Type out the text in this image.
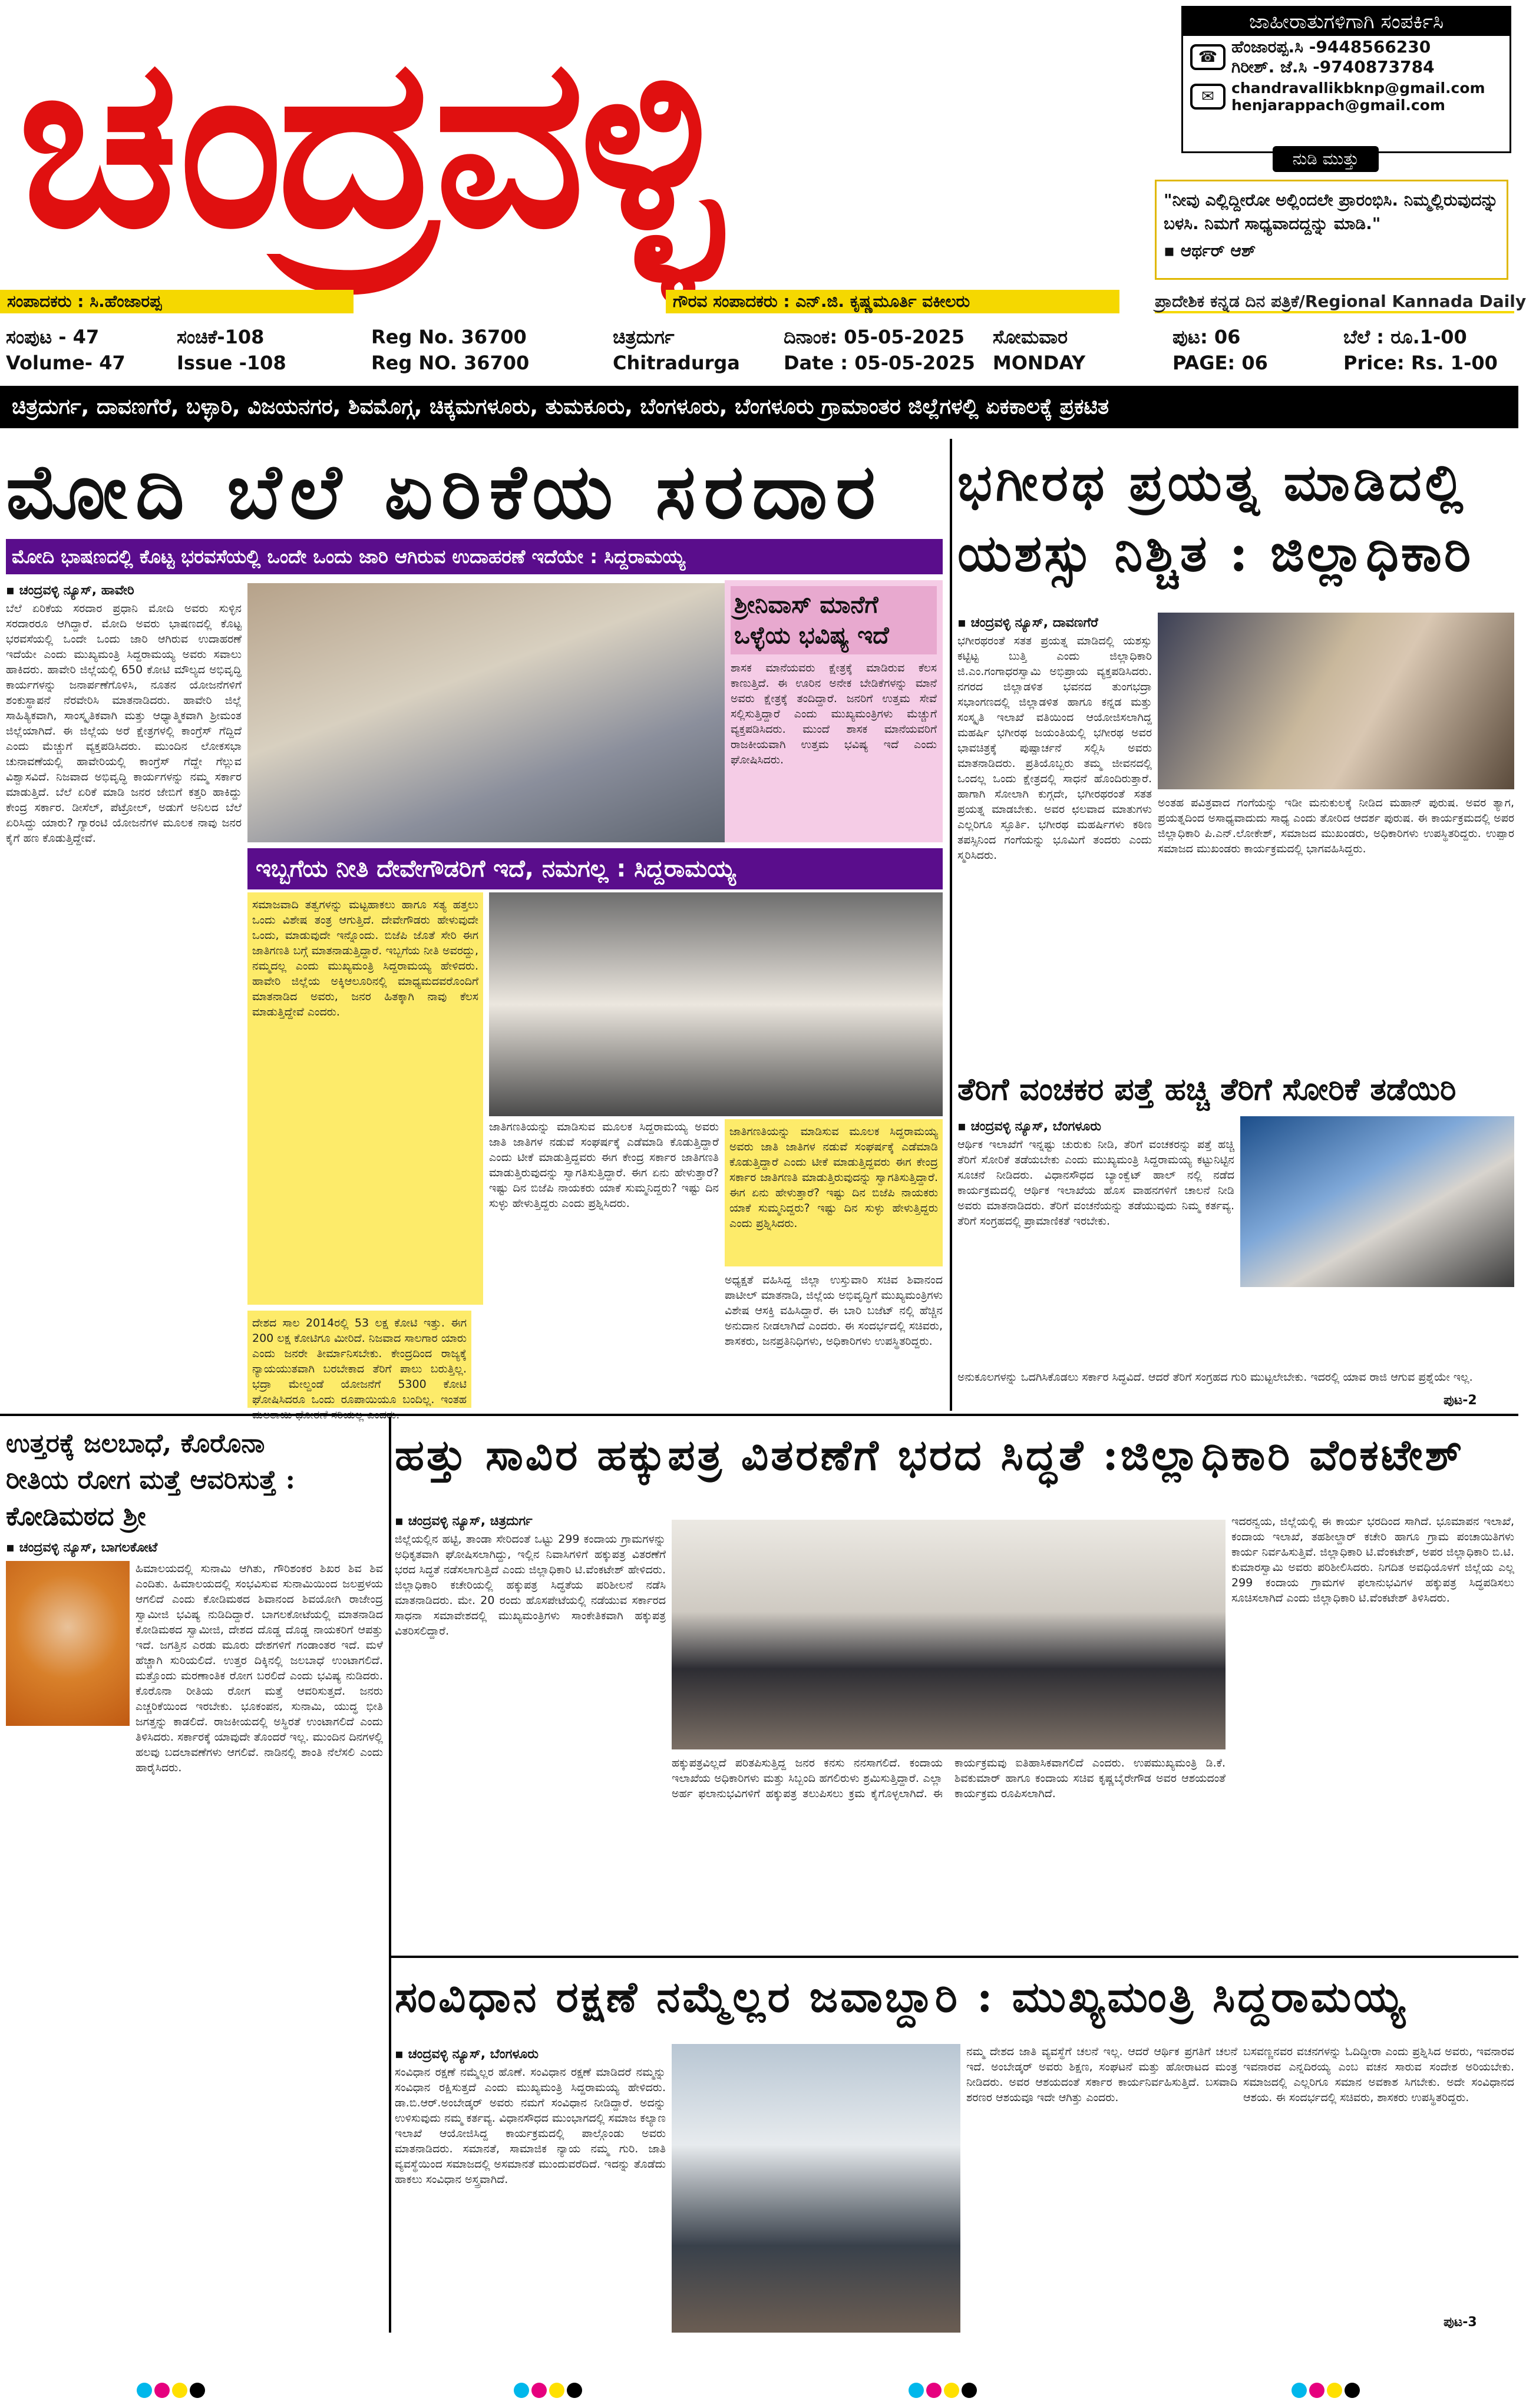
ಚಂದ್ರವಳ್ಳಿ	ಜಾಹೀರಾತುಗಳಿಗಾಗಿ ಸಂಪರ್ಕಿಸಿ
☎
ಹೆಂಜಾರಪ್ಪ.ಸಿ -9448566230
ಗಿರೀಶ್. ಜೆ.ಸಿ -9740873784
✉	chandravallikbknp@gmail.com
henjarappach@gmail.com
ನುಡಿ ಮುತ್ತು
"ನೀವು ಎಲ್ಲಿದ್ದೀರೋ ಅಲ್ಲಿಂದಲೇ ಪ್ರಾರಂಭಿಸಿ. ನಿಮ್ಮಲ್ಲಿರುವುದನ್ನು ಬಳಸಿ. ನಿಮಗೆ ಸಾಧ್ಯವಾದದ್ದನ್ನು ಮಾಡಿ."
▪ ಆರ್ಥರ್ ಆಶ್
ಸಂಪಾದಕರು : ಸಿ.ಹೆಂಜಾರಪ್ಪ	ಗೌರವ ಸಂಪಾದಕರು : ಎನ್.ಜಿ. ಕೃಷ್ಣಮೂರ್ತಿ ವಕೀಲರು	ಪ್ರಾದೇಶಿಕ ಕನ್ನಡ ದಿನ ಪತ್ರಿಕೆ/Regional Kannada Daily
ಸಂಪುಟ - 47
Volume- 47
ಸಂಚಿಕೆ-108
Issue -108
Reg No. 36700
Reg NO. 36700
ಚಿತ್ರದುರ್ಗ
Chitradurga
ದಿನಾಂಕ: 05-05-2025
Date : 05-05-2025
ಸೋಮವಾರ
MONDAY
ಪುಟ: 06
PAGE: 06
ಬೆಲೆ : ರೂ.1-00
Price: Rs. 1-00
ಚಿತ್ರದುರ್ಗ, ದಾವಣಗೆರೆ, ಬಳ್ಳಾರಿ, ವಿಜಯನಗರ, ಶಿವಮೊಗ್ಗ, ಚಿಕ್ಕಮಗಳೂರು, ತುಮಕೂರು, ಬೆಂಗಳೂರು, ಬೆಂಗಳೂರು ಗ್ರಾಮಾಂತರ ಜಿಲ್ಲೆಗಳಲ್ಲಿ ಏಕಕಾಲಕ್ಕೆ ಪ್ರಕಟಿತ
ಮೋದಿ ಬೆಲೆ ಏರಿಕೆಯ ಸರದಾರ
ಮೋದಿ ಭಾಷಣದಲ್ಲಿ ಕೊಟ್ಟ ಭರವಸೆಯಲ್ಲಿ ಒಂದೇ ಒಂದು ಜಾರಿ ಆಗಿರುವ ಉದಾಹರಣೆ ಇದೆಯೇ : ಸಿದ್ದರಾಮಯ್ಯ
▪ ಚಂದ್ರವಳ್ಳಿ ನ್ಯೂಸ್, ಹಾವೇರಿ
ಬೆಲೆ ಏರಿಕೆಯ ಸರದಾರ ಪ್ರಧಾನಿ ಮೋದಿ ಅವರು ಸುಳ್ಳಿನ ಸರದಾರರೂ ಆಗಿದ್ದಾರೆ. ಮೋದಿ ಅವರು ಭಾಷಣದಲ್ಲಿ ಕೊಟ್ಟ ಭರವಸೆಯಲ್ಲಿ ಒಂದೇ ಒಂದು ಜಾರಿ ಆಗಿರುವ ಉದಾಹರಣೆ ಇದೆಯೇ ಎಂದು ಮುಖ್ಯಮಂತ್ರಿ ಸಿದ್ದರಾಮಯ್ಯ ಅವರು ಸವಾಲು ಹಾಕಿದರು. ಹಾವೇರಿ ಜಿಲ್ಲೆಯಲ್ಲಿ 650 ಕೋಟಿ ಮೌಲ್ಯದ ಅಭಿವೃದ್ಧಿ ಕಾರ್ಯಗಳನ್ನು ಜನಾರ್ಪಣೆಗೊಳಿಸಿ, ನೂತನ ಯೋಜನೆಗಳಿಗೆ ಶಂಕುಸ್ಥಾಪನೆ ನೆರವೇರಿಸಿ ಮಾತನಾಡಿದರು. ಹಾವೇರಿ ಜಿಲ್ಲೆ ಸಾಹಿತ್ಯಿಕವಾಗಿ, ಸಾಂಸ್ಕೃತಿಕವಾಗಿ ಮತ್ತು ಆಧ್ಯಾತ್ಮಿಕವಾಗಿ ಶ್ರೀಮಂತ ಜಿಲ್ಲೆಯಾಗಿದೆ. ಈ ಜಿಲ್ಲೆಯ ಅರೆ ಕ್ಷೇತ್ರಗಳಲ್ಲಿ ಕಾಂಗ್ರೆಸ್ ಗೆದ್ದಿದೆ ಎಂದು ಮೆಚ್ಚುಗೆ ವ್ಯಕ್ತಪಡಿಸಿದರು. ಮುಂದಿನ ಲೋಕಸಭಾ ಚುನಾವಣೆಯಲ್ಲಿ ಹಾವೇರಿಯಲ್ಲಿ ಕಾಂಗ್ರೆಸ್ ಗೆದ್ದೇ ಗೆಲ್ಲುವ ವಿಶ್ವಾಸವಿದೆ. ನಿಜವಾದ ಅಭಿವೃದ್ಧಿ ಕಾರ್ಯಗಳನ್ನು ನಮ್ಮ ಸರ್ಕಾರ ಮಾಡುತ್ತಿದೆ. ಬೆಲೆ ಏರಿಕೆ ಮಾಡಿ ಜನರ ಜೇಬಿಗೆ ಕತ್ತರಿ ಹಾಕಿದ್ದು ಕೇಂದ್ರ ಸರ್ಕಾರ. ಡೀಸೆಲ್, ಪೆಟ್ರೋಲ್, ಅಡುಗೆ ಅನಿಲದ ಬೆಲೆ ಏರಿಸಿದ್ದು ಯಾರು? ಗ್ಯಾರಂಟಿ ಯೋಜನೆಗಳ ಮೂಲಕ ನಾವು ಜನರ ಕೈಗೆ ಹಣ ಕೊಡುತ್ತಿದ್ದೇವೆ.
ಶ್ರೀನಿವಾಸ್ ಮಾನೆಗೆ ಒಳ್ಳೆಯ ಭವಿಷ್ಯ ಇದೆ
ಶಾಸಕ ಮಾನೆಯವರು ಕ್ಷೇತ್ರಕ್ಕೆ ಮಾಡಿರುವ ಕೆಲಸ ಕಾಣುತ್ತಿದೆ. ಈ ಊರಿನ ಅನೇಕ ಬೇಡಿಕೆಗಳನ್ನು ಮಾನೆ ಅವರು ಕ್ಷೇತ್ರಕ್ಕೆ ತಂದಿದ್ದಾರೆ. ಜನರಿಗೆ ಉತ್ತಮ ಸೇವೆ ಸಲ್ಲಿಸುತ್ತಿದ್ದಾರೆ ಎಂದು ಮುಖ್ಯಮಂತ್ರಿಗಳು ಮೆಚ್ಚುಗೆ ವ್ಯಕ್ತಪಡಿಸಿದರು. ಮುಂದೆ ಶಾಸಕ ಮಾನೆಯವರಿಗೆ ರಾಜಕೀಯವಾಗಿ ಉತ್ತಮ ಭವಿಷ್ಯ ಇದೆ ಎಂದು ಘೋಷಿಸಿದರು.
ಇಬ್ಬಗೆಯ ನೀತಿ ದೇವೇಗೌಡರಿಗೆ ಇದೆ, ನಮಗಲ್ಲ : ಸಿದ್ದರಾಮಯ್ಯ
ಸಮಾಜವಾದಿ ತತ್ವಗಳನ್ನು ಮಟ್ಟಹಾಕಲು ಹಾಗೂ ಸತ್ಯ ಹತ್ತಲು ಒಂದು ವಿಶೇಷ ತಂತ್ರ ಆಗುತ್ತಿದೆ. ದೇವೇಗೌಡರು ಹೇಳುವುದೇ ಒಂದು, ಮಾಡುವುದೇ ಇನ್ನೊಂದು. ಬಿಜೆಪಿ ಜೊತೆ ಸೇರಿ ಈಗ ಜಾತಿಗಣತಿ ಬಗ್ಗೆ ಮಾತನಾಡುತ್ತಿದ್ದಾರೆ. ಇಬ್ಬಗೆಯ ನೀತಿ ಅವರದ್ದು, ನಮ್ಮದಲ್ಲ ಎಂದು ಮುಖ್ಯಮಂತ್ರಿ ಸಿದ್ದರಾಮಯ್ಯ ಹೇಳಿದರು. ಹಾವೇರಿ ಜಿಲ್ಲೆಯ ಅಕ್ಕಿಆಲೂರಿನಲ್ಲಿ ಮಾಧ್ಯಮದವರೊಂದಿಗೆ ಮಾತನಾಡಿದ ಅವರು, ಜನರ ಹಿತಕ್ಕಾಗಿ ನಾವು ಕೆಲಸ ಮಾಡುತ್ತಿದ್ದೇವೆ ಎಂದರು.
ದೇಶದ ಸಾಲ 2014ರಲ್ಲಿ 53 ಲಕ್ಷ ಕೋಟಿ ಇತ್ತು. ಈಗ 200 ಲಕ್ಷ ಕೋಟಿಗೂ ಮೀರಿದೆ. ನಿಜವಾದ ಸಾಲಗಾರ ಯಾರು ಎಂದು ಜನರೇ ತೀರ್ಮಾನಿಸಬೇಕು. ಕೇಂದ್ರದಿಂದ ರಾಜ್ಯಕ್ಕೆ ನ್ಯಾಯಯುತವಾಗಿ ಬರಬೇಕಾದ ತೆರಿಗೆ ಪಾಲು ಬರುತ್ತಿಲ್ಲ. ಭದ್ರಾ ಮೇಲ್ದಂಡೆ ಯೋಜನೆಗೆ 5300 ಕೋಟಿ ಘೋಷಿಸಿದರೂ ಒಂದು ರೂಪಾಯಿಯೂ ಬಂದಿಲ್ಲ. ಇಂತಹ
ಜಾತಿಗಣತಿಯನ್ನು ಮಾಡಿಸುವ ಮೂಲಕ ಸಿದ್ದರಾಮಯ್ಯ ಅವರು ಜಾತಿ ಜಾತಿಗಳ ನಡುವೆ ಸಂಘರ್ಷಕ್ಕೆ ಎಡೆಮಾಡಿ ಕೊಡುತ್ತಿದ್ದಾರೆ ಎಂದು ಟೀಕೆ ಮಾಡುತ್ತಿದ್ದವರು ಈಗ ಕೇಂದ್ರ ಸರ್ಕಾರ ಜಾತಿಗಣತಿ ಮಾಡುತ್ತಿರುವುದನ್ನು ಸ್ವಾಗತಿಸುತ್ತಿದ್ದಾರೆ. ಈಗ ಏನು ಹೇಳುತ್ತಾರೆ? ಇಷ್ಟು ದಿನ ಬಿಜೆಪಿ ನಾಯಕರು ಯಾಕೆ ಸುಮ್ಮನಿದ್ದರು? ಇಷ್ಟು ದಿನ ಸುಳ್ಳು ಹೇಳುತ್ತಿದ್ದರು ಎಂದು ಪ್ರಶ್ನಿಸಿದರು.
ಜಾತಿಗಣತಿಯನ್ನು ಮಾಡಿಸುವ ಮೂಲಕ ಸಿದ್ದರಾಮಯ್ಯ ಅವರು ಜಾತಿ ಜಾತಿಗಳ ನಡುವೆ ಸಂಘರ್ಷಕ್ಕೆ ಎಡೆಮಾಡಿ ಕೊಡುತ್ತಿದ್ದಾರೆ ಎಂದು ಟೀಕೆ ಮಾಡುತ್ತಿದ್ದವರು ಈಗ ಕೇಂದ್ರ ಸರ್ಕಾರ ಜಾತಿಗಣತಿ ಮಾಡುತ್ತಿರುವುದನ್ನು ಸ್ವಾಗತಿಸುತ್ತಿದ್ದಾರೆ. ಈಗ ಏನು ಹೇಳುತ್ತಾರೆ? ಇಷ್ಟು ದಿನ ಬಿಜೆಪಿ ನಾಯಕರು ಯಾಕೆ ಸುಮ್ಮನಿದ್ದರು? ಇಷ್ಟು ದಿನ ಸುಳ್ಳು ಹೇಳುತ್ತಿದ್ದರು ಎಂದು ಪ್ರಶ್ನಿಸಿದರು.
ಅಧ್ಯಕ್ಷತೆ ವಹಿಸಿದ್ದ ಜಿಲ್ಲಾ ಉಸ್ತುವಾರಿ ಸಚಿವ ಶಿವಾನಂದ ಪಾಟೀಲ್ ಮಾತನಾಡಿ, ಜಿಲ್ಲೆಯ ಅಭಿವೃದ್ಧಿಗೆ ಮುಖ್ಯಮಂತ್ರಿಗಳು ವಿಶೇಷ ಆಸಕ್ತಿ ವಹಿಸಿದ್ದಾರೆ. ಈ ಬಾರಿ ಬಜೆಟ್ ನಲ್ಲಿ ಹೆಚ್ಚಿನ ಅನುದಾನ ನೀಡಲಾಗಿದೆ ಎಂದರು. ಈ ಸಂದರ್ಭದಲ್ಲಿ ಸಚಿವರು, ಶಾಸಕರು, ಜನಪ್ರತಿನಿಧಿಗಳು, ಅಧಿಕಾರಿಗಳು ಉಪಸ್ಥಿತರಿದ್ದರು.
ಭಗೀರಥ ಪ್ರಯತ್ನ ಮಾಡಿದಲ್ಲಿ
ಯಶಸ್ಸು ನಿಶ್ಚಿತ : ಜಿಲ್ಲಾಧಿಕಾರಿ
▪ ಚಂದ್ರವಳ್ಳಿ ನ್ಯೂಸ್, ದಾವಣಗೆರೆ
ಭಗೀರಥರಂತೆ ಸತತ ಪ್ರಯತ್ನ ಮಾಡಿದಲ್ಲಿ ಯಶಸ್ಸು ಕಟ್ಟಿಟ್ಟ ಬುತ್ತಿ ಎಂದು ಜಿಲ್ಲಾಧಿಕಾರಿ ಜಿ.ಎಂ.ಗಂಗಾಧರಸ್ವಾಮಿ ಅಭಿಪ್ರಾಯ ವ್ಯಕ್ತಪಡಿಸಿದರು. ನಗರದ ಜಿಲ್ಲಾಡಳಿತ ಭವನದ ತುಂಗಭದ್ರಾ ಸಭಾಂಗಣದಲ್ಲಿ ಜಿಲ್ಲಾಡಳಿತ ಹಾಗೂ ಕನ್ನಡ ಮತ್ತು ಸಂಸ್ಕೃತಿ ಇಲಾಖೆ ವತಿಯಿಂದ ಆಯೋಜಿಸಲಾಗಿದ್ದ ಮಹರ್ಷಿ ಭಗೀರಥ ಜಯಂತಿಯಲ್ಲಿ ಭಗೀರಥ ಅವರ ಭಾವಚಿತ್ರಕ್ಕೆ ಪುಷ್ಪಾರ್ಚನೆ ಸಲ್ಲಿಸಿ ಅವರು ಮಾತನಾಡಿದರು. ಪ್ರತಿಯೊಬ್ಬರು ತಮ್ಮ ಜೀವನದಲ್ಲಿ ಒಂದಲ್ಲ ಒಂದು ಕ್ಷೇತ್ರದಲ್ಲಿ ಸಾಧನೆ ಹೊಂದಿರುತ್ತಾರೆ. ಹಾಗಾಗಿ ಸೋಲಾಗಿ ಕುಗ್ಗದೇ, ಭಗೀರಥರಂತೆ ಸತತ ಪ್ರಯತ್ನ ಮಾಡಬೇಕು. ಅವರ ಛಲವಾದ ಮಾತುಗಳು ಎಲ್ಲರಿಗೂ ಸ್ಫೂರ್ತಿ. ಭಗೀರಥ ಮಹರ್ಷಿಗಳು ಕಠಿಣ ತಪಸ್ಸಿನಿಂದ ಗಂಗೆಯನ್ನು ಭೂಮಿಗೆ ತಂದರು ಎಂದು ಸ್ಮರಿಸಿದರು.
ಅಂತಹ ಪವಿತ್ರವಾದ ಗಂಗೆಯನ್ನು ಇಡೀ ಮನುಕುಲಕ್ಕೆ ನೀಡಿದ ಮಹಾನ್ ಪುರುಷ. ಅವರ ತ್ಯಾಗ, ಪ್ರಯತ್ನದಿಂದ ಅಸಾಧ್ಯವಾದುದು ಸಾಧ್ಯ ಎಂದು ತೋರಿದ ಆದರ್ಶ ಪುರುಷ. ಈ ಕಾರ್ಯಕ್ರಮದಲ್ಲಿ ಅಪರ ಜಿಲ್ಲಾಧಿಕಾರಿ ಪಿ.ಎನ್.ಲೋಕೇಶ್, ಸಮಾಜದ ಮುಖಂಡರು, ಅಧಿಕಾರಿಗಳು ಉಪಸ್ಥಿತರಿದ್ದರು. ಉಪ್ಪಾರ ಸಮಾಜದ ಮುಖಂಡರು ಕಾರ್ಯಕ್ರಮದಲ್ಲಿ ಭಾಗವಹಿಸಿದ್ದರು.
ತೆರಿಗೆ ವಂಚಕರ ಪತ್ತೆ ಹಚ್ಚಿ ತೆರಿಗೆ ಸೋರಿಕೆ ತಡೆಯಿರಿ
▪ ಚಂದ್ರವಳ್ಳಿ ನ್ಯೂಸ್, ಬೆಂಗಳೂರು
ಆರ್ಥಿಕ ಇಲಾಖೆಗೆ ಇನ್ನಷ್ಟು ಚುರುಕು ನೀಡಿ, ತೆರಿಗೆ ವಂಚಕರನ್ನು ಪತ್ತೆ ಹಚ್ಚಿ ತೆರಿಗೆ ಸೋರಿಕೆ ತಡೆಯಬೇಕು ಎಂದು ಮುಖ್ಯಮಂತ್ರಿ ಸಿದ್ದರಾಮಯ್ಯ ಕಟ್ಟುನಿಟ್ಟಿನ ಸೂಚನೆ ನೀಡಿದರು. ವಿಧಾನಸೌಧದ ಬ್ಯಾಂಕ್ವೆಟ್ ಹಾಲ್ ನಲ್ಲಿ ನಡೆದ ಕಾರ್ಯಕ್ರಮದಲ್ಲಿ ಆರ್ಥಿಕ ಇಲಾಖೆಯ ಹೊಸ ವಾಹನಗಳಿಗೆ ಚಾಲನೆ ನೀಡಿ ಅವರು ಮಾತನಾಡಿದರು. ತೆರಿಗೆ ವಂಚನೆಯನ್ನು ತಡೆಯುವುದು ನಿಮ್ಮ ಕರ್ತವ್ಯ. ತೆರಿಗೆ ಸಂಗ್ರಹದಲ್ಲಿ ಪ್ರಾಮಾಣಿಕತೆ ಇರಬೇಕು.
ಅನುಕೂಲಗಳನ್ನು ಒದಗಿಸಿಕೊಡಲು ಸರ್ಕಾರ ಸಿದ್ಧವಿದೆ. ಆದರೆ ತೆರಿಗೆ ಸಂಗ್ರಹದ ಗುರಿ ಮುಟ್ಟಲೇಬೇಕು. ಇದರಲ್ಲಿ ಯಾವ ರಾಜಿ ಆಗುವ ಪ್ರಶ್ನೆಯೇ ಇಲ್ಲ.
ಪುಟ-2
ಉತ್ತರಕ್ಕೆ ಜಲಬಾಧೆ, ಕೊರೊನಾ
ರೀತಿಯ ರೋಗ ಮತ್ತೆ ಆವರಿಸುತ್ತೆ :
ಕೋಡಿಮಠದ ಶ್ರೀ
▪ ಚಂದ್ರವಳ್ಳಿ ನ್ಯೂಸ್, ಬಾಗಲಕೋಟೆ
ಹಿಮಾಲಯದಲ್ಲಿ ಸುನಾಮಿ ಆಗಿತು, ಗೌರಿಶಂಕರ ಶಿಖರ ಶಿವ ಶಿವ ಎಂದಿತು. ಹಿಮಾಲಯದಲ್ಲಿ ಸಂಭವಿಸುವ ಸುನಾಮಿಯಿಂದ ಜಲಪ್ರಳಯ ಆಗಲಿದೆ ಎಂದು ಕೋಡಿಮಠದ ಶಿವಾನಂದ ಶಿವಯೋಗಿ ರಾಜೇಂದ್ರ ಸ್ವಾಮೀಜಿ ಭವಿಷ್ಯ ನುಡಿದಿದ್ದಾರೆ. ಬಾಗಲಕೋಟೆಯಲ್ಲಿ ಮಾತನಾಡಿದ ಕೋಡಿಮಠದ ಸ್ವಾಮೀಜಿ, ದೇಶದ ದೊಡ್ಡ ದೊಡ್ಡ ನಾಯಕರಿಗೆ ಆಪತ್ತು ಇದೆ. ಜಗತ್ತಿನ ಎರಡು ಮೂರು ದೇಶಗಳಿಗೆ ಗಂಡಾಂತರ ಇದೆ. ಮಳೆ ಹೆಚ್ಚಾಗಿ ಸುರಿಯಲಿದೆ. ಉತ್ತರ ದಿಕ್ಕಿನಲ್ಲಿ ಜಲಬಾಧೆ ಉಂಟಾಗಲಿದೆ. ಮತ್ತೊಂದು ಮರಣಾಂತಿಕ ರೋಗ ಬರಲಿದೆ ಎಂದು ಭವಿಷ್ಯ ನುಡಿದರು. ಕೊರೊನಾ ರೀತಿಯ ರೋಗ ಮತ್ತೆ ಆವರಿಸುತ್ತದೆ. ಜನರು ಎಚ್ಚರಿಕೆಯಿಂದ ಇರಬೇಕು. ಭೂಕಂಪನ, ಸುನಾಮಿ, ಯುದ್ಧ ಭೀತಿ ಜಗತ್ತನ್ನು ಕಾಡಲಿದೆ. ರಾಜಕೀಯದಲ್ಲಿ ಅಸ್ಥಿರತೆ ಉಂಟಾಗಲಿದೆ ಎಂದು ತಿಳಿಸಿದರು. ಸರ್ಕಾರಕ್ಕೆ ಯಾವುದೇ ತೊಂದರೆ ಇಲ್ಲ. ಮುಂದಿನ ದಿನಗಳಲ್ಲಿ ಹಲವು ಬದಲಾವಣೆಗಳು ಆಗಲಿವೆ. ನಾಡಿನಲ್ಲಿ ಶಾಂತಿ ನೆಲೆಸಲಿ ಎಂದು ಹಾರೈಸಿದರು.
ಹತ್ತು ಸಾವಿರ ಹಕ್ಕುಪತ್ರ ವಿತರಣೆಗೆ ಭರದ ಸಿದ್ಧತೆ :ಜಿಲ್ಲಾಧಿಕಾರಿ ವೆಂಕಟೇಶ್
▪ ಚಂದ್ರವಳ್ಳಿ ನ್ಯೂಸ್, ಚಿತ್ರದುರ್ಗ
ಜಿಲ್ಲೆಯಲ್ಲಿನ ಹಟ್ಟಿ, ತಾಂಡಾ ಸೇರಿದಂತೆ ಒಟ್ಟು 299 ಕಂದಾಯ ಗ್ರಾಮಗಳನ್ನು ಅಧಿಕೃತವಾಗಿ ಘೋಷಿಸಲಾಗಿದ್ದು, ಇಲ್ಲಿನ ನಿವಾಸಿಗಳಿಗೆ ಹಕ್ಕುಪತ್ರ ವಿತರಣೆಗೆ ಭರದ ಸಿದ್ಧತೆ ನಡೆಸಲಾಗುತ್ತಿದೆ ಎಂದು ಜಿಲ್ಲಾಧಿಕಾರಿ ಟಿ.ವೆಂಕಟೇಶ್ ಹೇಳಿದರು. ಜಿಲ್ಲಾಧಿಕಾರಿ ಕಚೇರಿಯಲ್ಲಿ ಹಕ್ಕುಪತ್ರ ಸಿದ್ಧತೆಯ ಪರಿಶೀಲನೆ ನಡೆಸಿ ಮಾತನಾಡಿದರು. ಮೇ. 20 ರಂದು ಹೊಸಪೇಟೆಯಲ್ಲಿ ನಡೆಯುವ ಸರ್ಕಾರದ ಸಾಧನಾ ಸಮಾವೇಶದಲ್ಲಿ ಮುಖ್ಯಮಂತ್ರಿಗಳು ಸಾಂಕೇತಿಕವಾಗಿ ಹಕ್ಕುಪತ್ರ ವಿತರಿಸಲಿದ್ದಾರೆ.
ಹಕ್ಕುಪತ್ರವಿಲ್ಲದೆ ಪರಿತಪಿಸುತ್ತಿದ್ದ ಜನರ ಕನಸು ನನಸಾಗಲಿದೆ. ಕಂದಾಯ ಇಲಾಖೆಯ ಅಧಿಕಾರಿಗಳು ಮತ್ತು ಸಿಬ್ಬಂದಿ ಹಗಲಿರುಳು ಶ್ರಮಿಸುತ್ತಿದ್ದಾರೆ. ಎಲ್ಲಾ ಅರ್ಹ ಫಲಾನುಭವಿಗಳಿಗೆ ಹಕ್ಕುಪತ್ರ ತಲುಪಿಸಲು ಕ್ರಮ ಕೈಗೊಳ್ಳಲಾಗಿದೆ. ಈ ಕಾರ್ಯಕ್ರಮವು ಐತಿಹಾಸಿಕವಾಗಲಿದೆ ಎಂದರು. ಉಪಮುಖ್ಯಮಂತ್ರಿ ಡಿ.ಕೆ. ಶಿವಕುಮಾರ್ ಹಾಗೂ ಕಂದಾಯ ಸಚಿವ ಕೃಷ್ಣಬೈರೇಗೌಡ ಅವರ ಆಶಯದಂತೆ ಕಾರ್ಯಕ್ರಮ ರೂಪಿಸಲಾಗಿದೆ.
ಇದರನ್ವಯ, ಜಿಲ್ಲೆಯಲ್ಲಿ ಈ ಕಾರ್ಯ ಭರದಿಂದ ಸಾಗಿದೆ. ಭೂಮಾಪನ ಇಲಾಖೆ, ಕಂದಾಯ ಇಲಾಖೆ, ತಹಶೀಲ್ದಾರ್ ಕಚೇರಿ ಹಾಗೂ ಗ್ರಾಮ ಪಂಚಾಯಿತಿಗಳು ಕಾರ್ಯ ನಿರ್ವಹಿಸುತ್ತಿವೆ. ಜಿಲ್ಲಾಧಿಕಾರಿ ಟಿ.ವೆಂಕಟೇಶ್, ಅಪರ ಜಿಲ್ಲಾಧಿಕಾರಿ ಬಿ.ಟಿ. ಕುಮಾರಸ್ವಾಮಿ ಅವರು ಪರಿಶೀಲಿಸಿದರು. ನಿಗದಿತ ಅವಧಿಯೊಳಗೆ ಜಿಲ್ಲೆಯ ಎಲ್ಲ 299 ಕಂದಾಯ ಗ್ರಾಮಗಳ ಫಲಾನುಭವಿಗಳ ಹಕ್ಕುಪತ್ರ ಸಿದ್ಧಪಡಿಸಲು ಸೂಚಿಸಲಾಗಿದೆ ಎಂದು ಜಿಲ್ಲಾಧಿಕಾರಿ ಟಿ.ವೆಂಕಟೇಶ್ ತಿಳಿಸಿದರು.
ಸಂವಿಧಾನ ರಕ್ಷಣೆ ನಮ್ಮೆಲ್ಲರ ಜವಾಬ್ದಾರಿ : ಮುಖ್ಯಮಂತ್ರಿ ಸಿದ್ದರಾಮಯ್ಯ
▪ ಚಂದ್ರವಳ್ಳಿ ನ್ಯೂಸ್, ಬೆಂಗಳೂರು
ಸಂವಿಧಾನ ರಕ್ಷಣೆ ನಮ್ಮೆಲ್ಲರ ಹೊಣೆ. ಸಂವಿಧಾನ ರಕ್ಷಣೆ ಮಾಡಿದರೆ ನಮ್ಮನ್ನು ಸಂವಿಧಾನ ರಕ್ಷಿಸುತ್ತದೆ ಎಂದು ಮುಖ್ಯಮಂತ್ರಿ ಸಿದ್ದರಾಮಯ್ಯ ಹೇಳಿದರು. ಡಾ.ಬಿ.ಆರ್.ಅಂಬೇಡ್ಕರ್ ಅವರು ನಮಗೆ ಸಂವಿಧಾನ ನೀಡಿದ್ದಾರೆ. ಅದನ್ನು ಉಳಿಸುವುದು ನಮ್ಮ ಕರ್ತವ್ಯ. ವಿಧಾನಸೌಧದ ಮುಂಭಾಗದಲ್ಲಿ ಸಮಾಜ ಕಲ್ಯಾಣ ಇಲಾಖೆ ಆಯೋಜಿಸಿದ್ದ ಕಾರ್ಯಕ್ರಮದಲ್ಲಿ ಪಾಲ್ಗೊಂಡು ಅವರು ಮಾತನಾಡಿದರು. ಸಮಾನತೆ, ಸಾಮಾಜಿಕ ನ್ಯಾಯ ನಮ್ಮ ಗುರಿ. ಜಾತಿ ವ್ಯವಸ್ಥೆಯಿಂದ ಸಮಾಜದಲ್ಲಿ ಅಸಮಾನತೆ ಮುಂದುವರೆದಿದೆ. ಇದನ್ನು ತೊಡೆದು ಹಾಕಲು ಸಂವಿಧಾನ ಅಸ್ತ್ರವಾಗಿದೆ.
ನಮ್ಮ ದೇಶದ ಜಾತಿ ವ್ಯವಸ್ಥೆಗೆ ಚಲನೆ ಇಲ್ಲ. ಆದರೆ ಆರ್ಥಿಕ ಪ್ರಗತಿಗೆ ಚಲನೆ ಇದೆ. ಅಂಬೇಡ್ಕರ್ ಅವರು ಶಿಕ್ಷಣ, ಸಂಘಟನೆ ಮತ್ತು ಹೋರಾಟದ ಮಂತ್ರ ನೀಡಿದರು. ಅವರ ಆಶಯದಂತೆ ಸರ್ಕಾರ ಕಾರ್ಯನಿರ್ವಹಿಸುತ್ತಿದೆ. ಬಸವಾದಿ ಶರಣರ ಆಶಯವೂ ಇದೇ ಆಗಿತ್ತು ಎಂದರು.
ಬಸವಣ್ಣನವರ ವಚನಗಳನ್ನು ಓದಿದ್ದೀರಾ ಎಂದು ಪ್ರಶ್ನಿಸಿದ ಅವರು, ಇವನಾರವ ಇವನಾರವ ಎನ್ನದಿರಯ್ಯ ಎಂಬ ವಚನ ಸಾರುವ ಸಂದೇಶ ಅರಿಯಬೇಕು. ಸಮಾಜದಲ್ಲಿ ಎಲ್ಲರಿಗೂ ಸಮಾನ ಅವಕಾಶ ಸಿಗಬೇಕು. ಅದೇ ಸಂವಿಧಾನದ ಆಶಯ. ಈ ಸಂದರ್ಭದಲ್ಲಿ ಸಚಿವರು, ಶಾಸಕರು ಉಪಸ್ಥಿತರಿದ್ದರು.
ಪುಟ-3
